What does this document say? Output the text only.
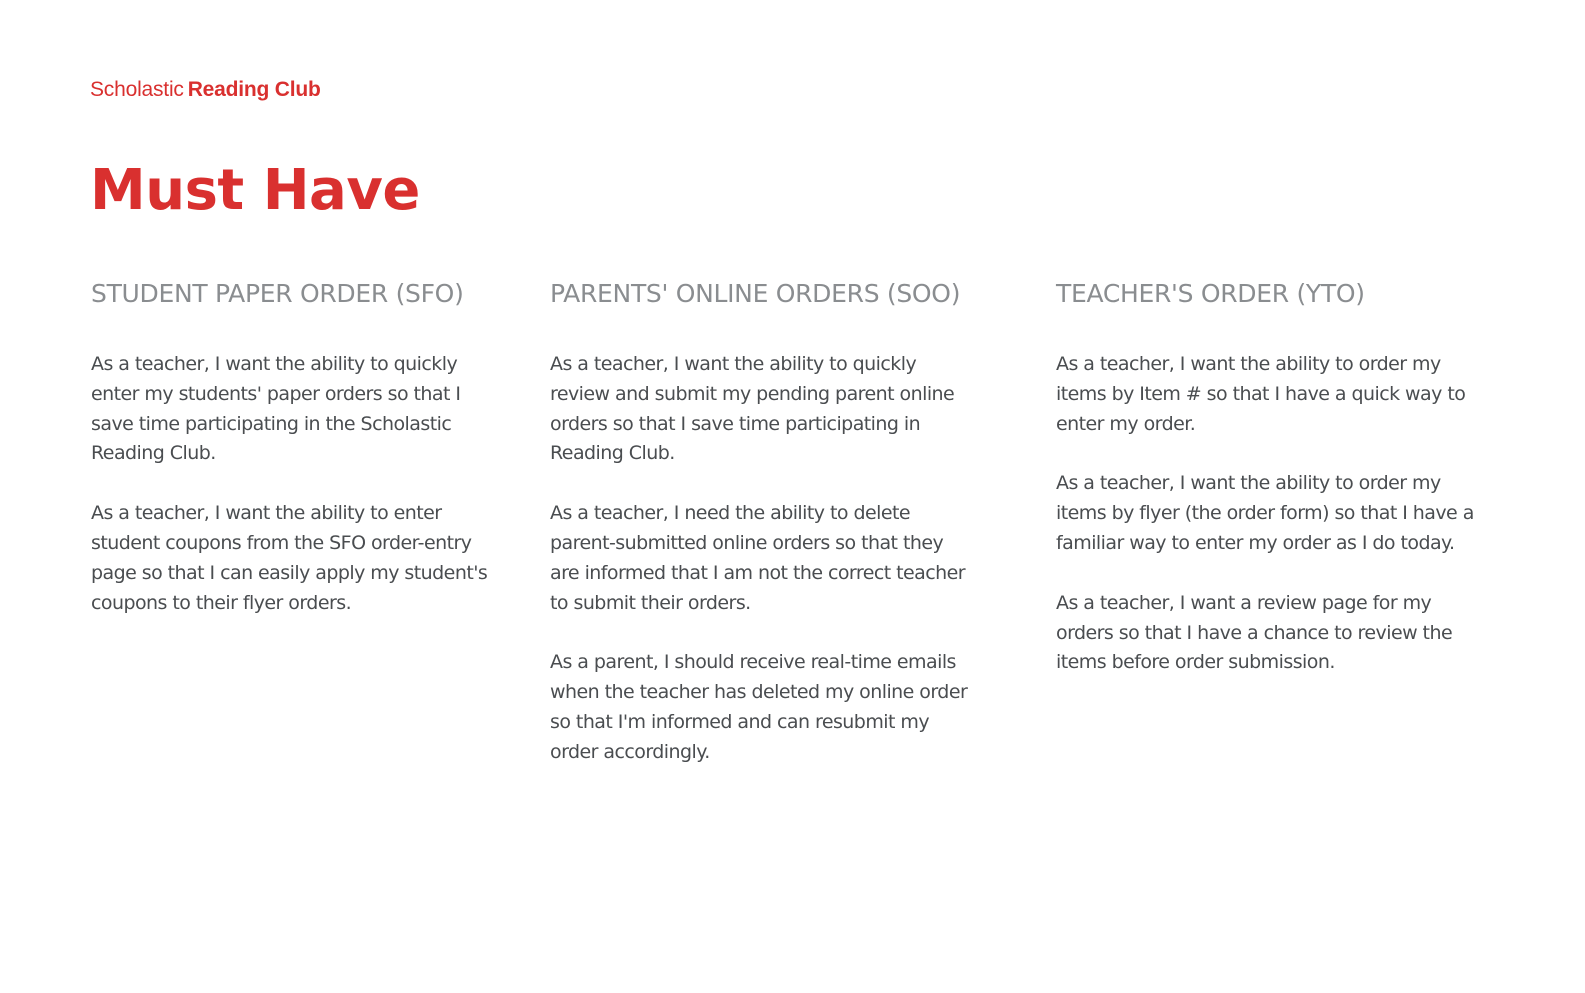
Scholastic Reading Club
Must Have
STUDENT PAPER ORDER (SFO)

As a teacher, I want the ability to quickly enter my students' paper orders so that I save time participating in the Scholastic Reading Club.

As a teacher, I want the ability to enter student coupons from the SFO order-entry page so that I can easily apply my student's coupons to their flyer orders.

PARENTS' ONLINE ORDERS (SOO)

As a teacher, I want the ability to quickly review and submit my pending parent online orders so that I save time participating in Reading Club.

As a teacher, I need the ability to delete parent-submitted online orders so that they are informed that I am not the correct teacher to submit their orders.

As a parent, I should receive real-time emails when the teacher has deleted my online order so that I'm informed and can resubmit my order accordingly.

TEACHER'S ORDER (YTO)

As a teacher, I want the ability to order my items by Item # so that I have a quick way to enter my order.

As a teacher, I want the ability to order my items by flyer (the order form) so that I have a familiar way to enter my order as I do today.

As a teacher, I want a review page for my orders so that I have a chance to review the items before order submission.
